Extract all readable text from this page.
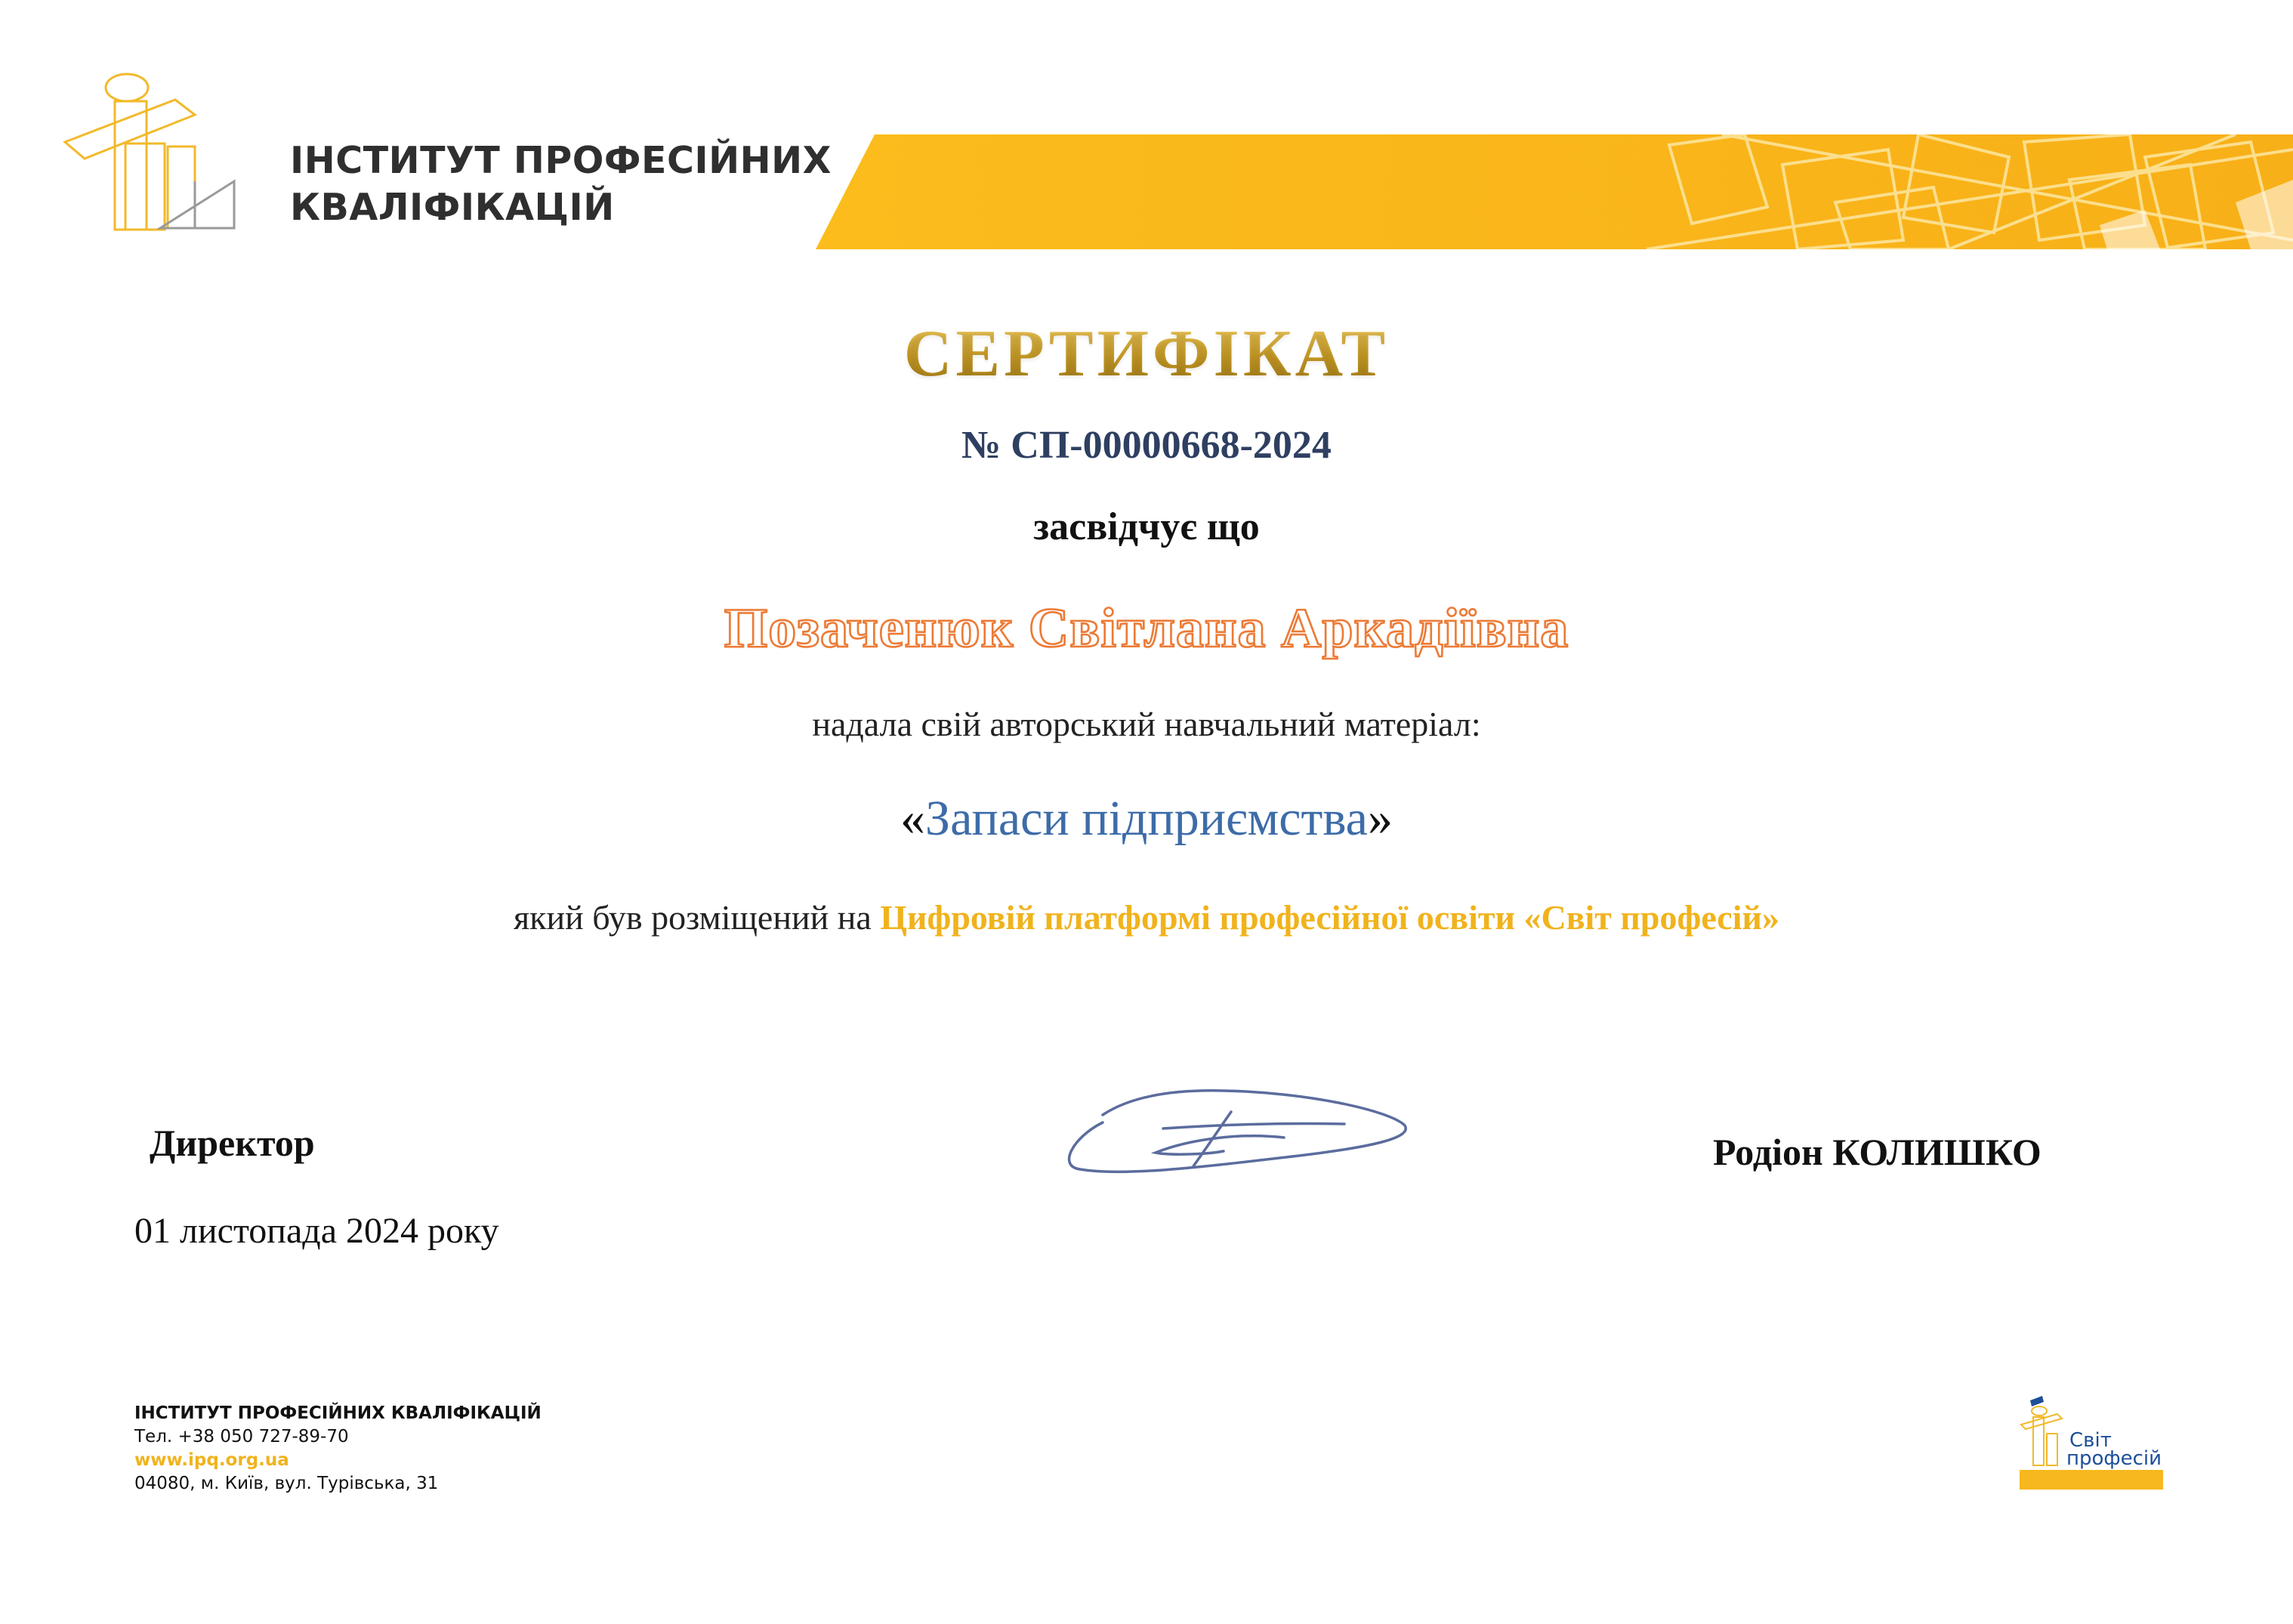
ІНСТИТУТ ПРОФЕСІЙНИХ
КВАЛІФІКАЦІЙ
СЕРТИФІКАТ
№ СП-00000668-2024
засвідчує що
Позаченюк Світлана Аркадіївна
надала свій авторський навчальний матеріал:
«Запаси підприємства»
який був розміщений на Цифровій платформі професійної освіти «Світ професій»
Директор
01 листопада 2024 року
Родіон КОЛИШКО
ІНСТИТУТ ПРОФЕСІЙНИХ КВАЛІФІКАЦІЙ
Тел. +38 050 727-89-70
www.ipq.org.ua
04080, м. Київ, вул. Турівська, 31
Світ
професій
